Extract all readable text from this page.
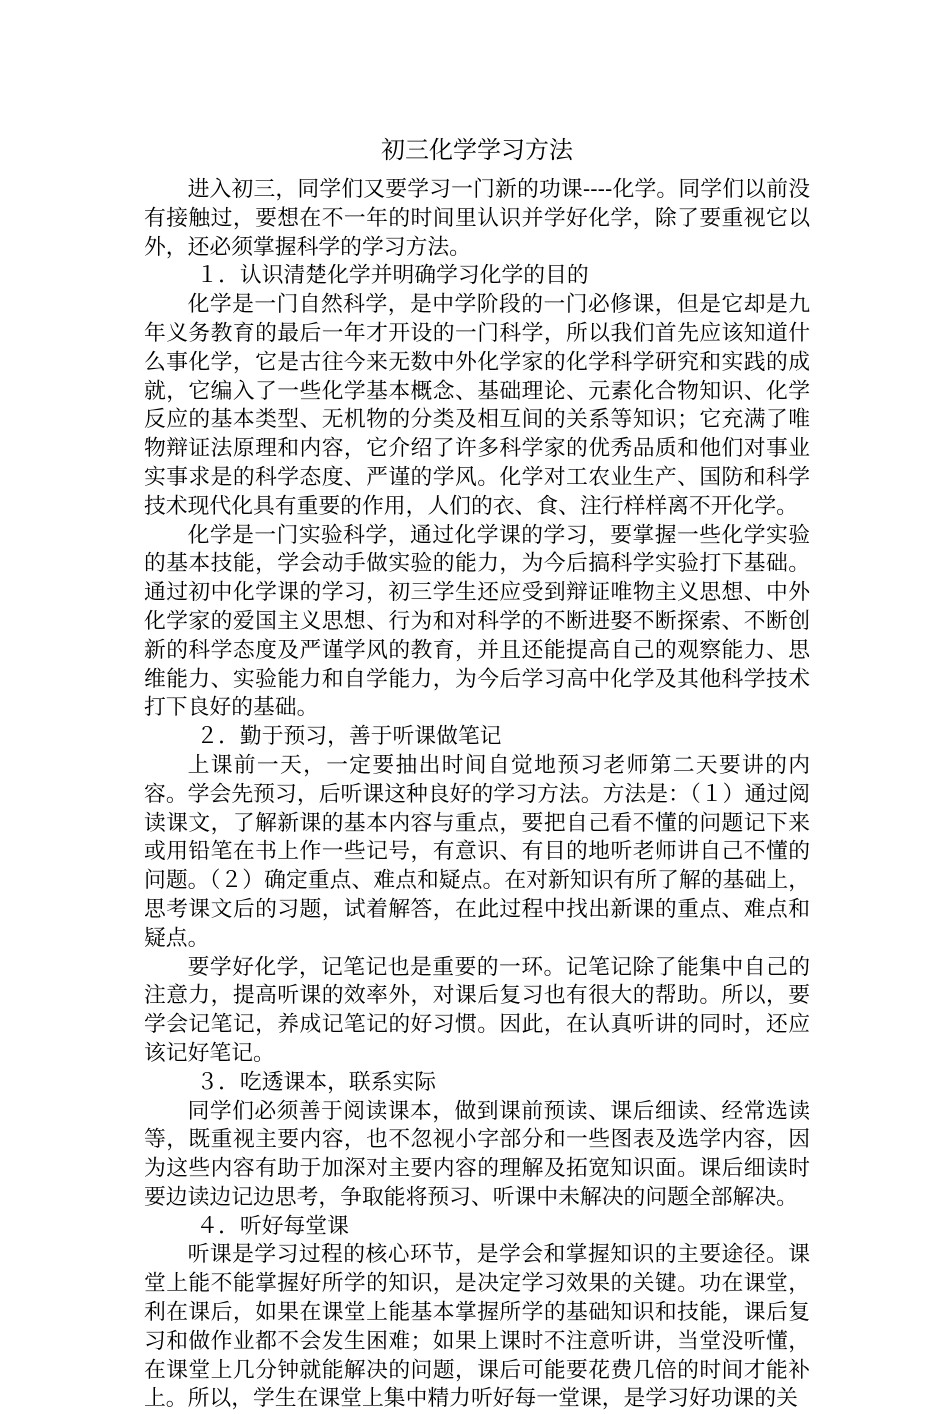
初三化学学习方法

进入初三，同学们又要学习一门新的功课----化学。同学们以前没有接触过，要想在不一年的时间里认识并学好化学，除了要重视它以外，还必须掌握科学的学习方法。

１．认识清楚化学并明确学习化学的目的

化学是一门自然科学，是中学阶段的一门必修课，但是它却是九年义务教育的最后一年才开设的一门科学，所以我们首先应该知道什么事化学，它是古往今来无数中外化学家的化学科学研究和实践的成就，它编入了一些化学基本概念、基础理论、元素化合物知识、化学反应的基本类型、无机物的分类及相互间的关系等知识；它充满了唯物辩证法原理和内容，它介绍了许多科学家的优秀品质和他们对事业实事求是的科学态度、严谨的学风。化学对工农业生产、国防和科学技术现代化具有重要的作用，人们的衣、食、注行样样离不开化学。

化学是一门实验科学，通过化学课的学习，要掌握一些化学实验的基本技能，学会动手做实验的能力，为今后搞科学实验打下基础。通过初中化学课的学习，初三学生还应受到辩证唯物主义思想、中外化学家的爱国主义思想、行为和对科学的不断进娶不断探索、不断创新的科学态度及严谨学风的教育，并且还能提高自己的观察能力、思维能力、实验能力和自学能力，为今后学习高中化学及其他科学技术打下良好的基础。

２．勤于预习，善于听课做笔记

上课前一天，一定要抽出时间自觉地预习老师第二天要讲的内容。学会先预习，后听课这种良好的学习方法。方法是：（１）通过阅读课文，了解新课的基本内容与重点，要把自己看不懂的问题记下来或用铅笔在书上作一些记号，有意识、有目的地听老师讲自己不懂的问题。（２）确定重点、难点和疑点。在对新知识有所了解的基础上，思考课文后的习题，试着解答，在此过程中找出新课的重点、难点和疑点。

要学好化学，记笔记也是重要的一环。记笔记除了能集中自己的注意力，提高听课的效率外，对课后复习也有很大的帮助。所以，要学会记笔记，养成记笔记的好习惯。因此，在认真听讲的同时，还应该记好笔记。

３．吃透课本，联系实际

同学们必须善于阅读课本，做到课前预读、课后细读、经常选读等，既重视主要内容，也不忽视小字部分和一些图表及选学内容，因为这些内容有助于加深对主要内容的理解及拓宽知识面。课后细读时要边读边记边思考，争取能将预习、听课中未解决的问题全部解决。

４．听好每堂课

听课是学习过程的核心环节，是学会和掌握知识的主要途径。课堂上能不能掌握好所学的知识，是决定学习效果的关键。功在课堂，利在课后，如果在课堂上能基本掌握所学的基础知识和技能，课后复习和做作业都不会发生困难；如果上课时不注意听讲，当堂没听懂，在课堂上几分钟就能解决的问题，课后可能要花费几倍的时间才能补上。所以，学生在课堂上集中精力听好每一堂课，是学习好功课的关
